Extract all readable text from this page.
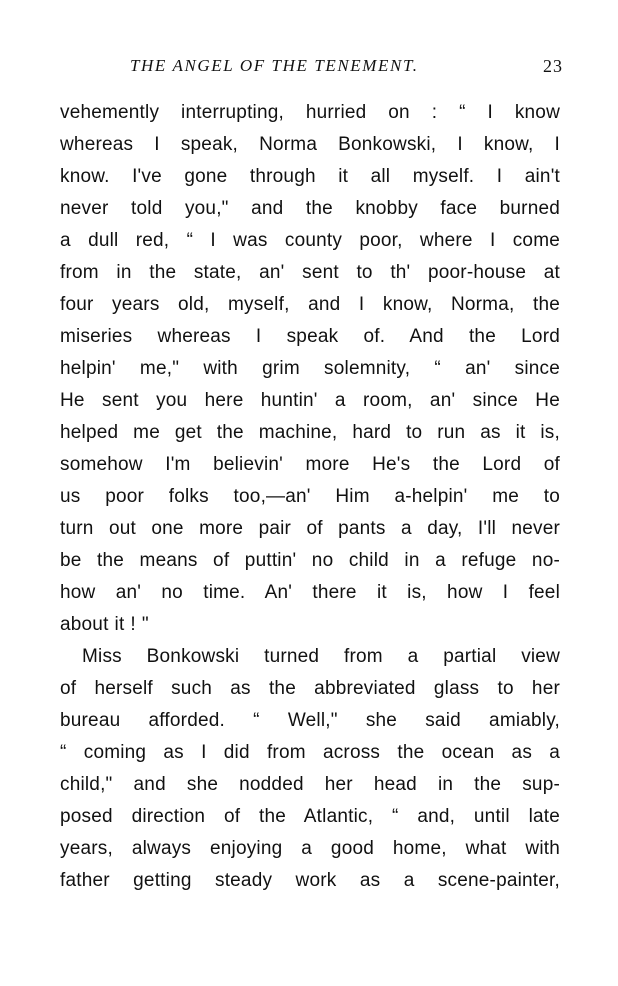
THE ANGEL OF THE TENEMENT.	23
vehemently interrupting, hurried on : “ I know
whereas I speak, Norma Bonkowski, I know, I
know. I've gone through it all myself. I ain't
never told you," and the knobby face burned
a dull red, “ I was county poor, where I come
from in the state, an' sent to th' poor-house at
four years old, myself, and I know, Norma, the
miseries whereas I speak of. And the Lord
helpin' me," with grim solemnity, “ an' since
He sent you here huntin' a room, an' since He
helped me get the machine, hard to run as it is,
somehow I'm believin' more He's the Lord of
us poor folks too,—an' Him a-helpin' me to
turn out one more pair of pants a day, I'll never
be the means of puttin' no child in a refuge no-
how an' no time. An' there it is, how I feel
about it ! "
Miss Bonkowski turned from a partial view
of herself such as the abbreviated glass to her
bureau afforded. “ Well," she said amiably,
“ coming as I did from across the ocean as a
child," and she nodded her head in the sup-
posed direction of the Atlantic, “ and, until late
years, always enjoying a good home, what with
father getting steady work as a scene-painter,
